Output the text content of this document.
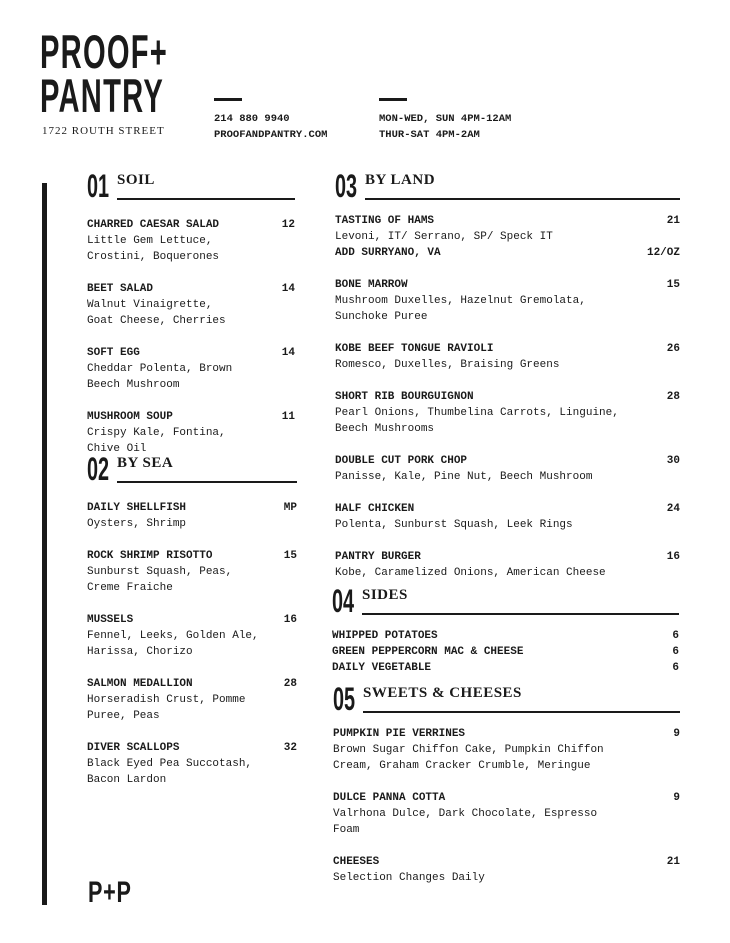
PROOF+
PANTRY
1722 ROUTH STREET
214 880 9940
PROOFANDPANTRY.COM
MON-WED, SUN 4PM-12AM
THUR-SAT 4PM-2AM
P+P
01 SOIL
CHARRED CAESAR SALAD	12
Little Gem Lettuce,
Crostini, Boquerones
BEET SALAD	14
Walnut Vinaigrette,
Goat Cheese, Cherries
SOFT EGG	14
Cheddar Polenta, Brown
Beech Mushroom
MUSHROOM SOUP	11
Crispy Kale, Fontina,
Chive Oil
02 BY SEA
DAILY SHELLFISH	MP
Oysters, Shrimp
ROCK SHRIMP RISOTTO	15
Sunburst Squash, Peas,
Creme Fraiche
MUSSELS	16
Fennel, Leeks, Golden Ale,
Harissa, Chorizo
SALMON MEDALLION	28
Horseradish Crust, Pomme
Puree, Peas
DIVER SCALLOPS	32
Black Eyed Pea Succotash,
Bacon Lardon
03 BY LAND
TASTING OF HAMS	21
Levoni, IT/ Serrano, SP/ Speck IT
ADD SURRYANO, VA	12/OZ
BONE MARROW	15
Mushroom Duxelles, Hazelnut Gremolata,
Sunchoke Puree
KOBE BEEF TONGUE RAVIOLI	26
Romesco, Duxelles, Braising Greens
SHORT RIB BOURGUIGNON	28
Pearl Onions, Thumbelina Carrots, Linguine,
Beech Mushrooms
DOUBLE CUT PORK CHOP	30
Panisse, Kale, Pine Nut, Beech Mushroom
HALF CHICKEN	24
Polenta, Sunburst Squash, Leek Rings
PANTRY BURGER	16
Kobe, Caramelized Onions, American Cheese
04 SIDES
WHIPPED POTATOES	6
GREEN PEPPERCORN MAC & CHEESE	6
DAILY VEGETABLE	6
05 SWEETS & CHEESES
PUMPKIN PIE VERRINES	9
Brown Sugar Chiffon Cake, Pumpkin Chiffon
Cream, Graham Cracker Crumble, Meringue
DULCE PANNA COTTA	9
Valrhona Dulce, Dark Chocolate, Espresso
Foam
CHEESES	21
Selection Changes Daily
